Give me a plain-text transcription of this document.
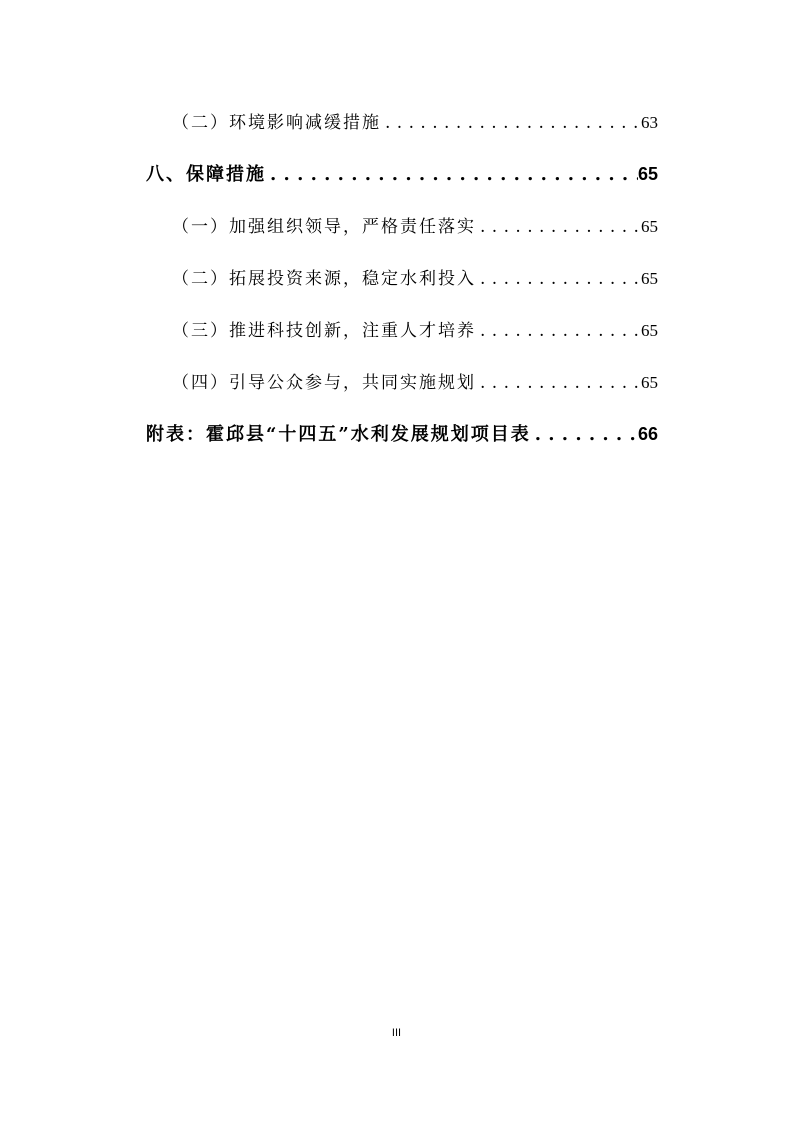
（二）环境影响减缓措施 . . .	63
八、保障措施 . . .	65
（一）加强组织领导，严格责任落实 . . .	65
（二）拓展投资来源，稳定水利投入 . . .	65
（三）推进科技创新，注重人才培养 . . .	65
（四）引导公众参与，共同实施规划 . . .	65
附表：霍邱县“十四五”水利发展规划项目表 . . .	66
III
